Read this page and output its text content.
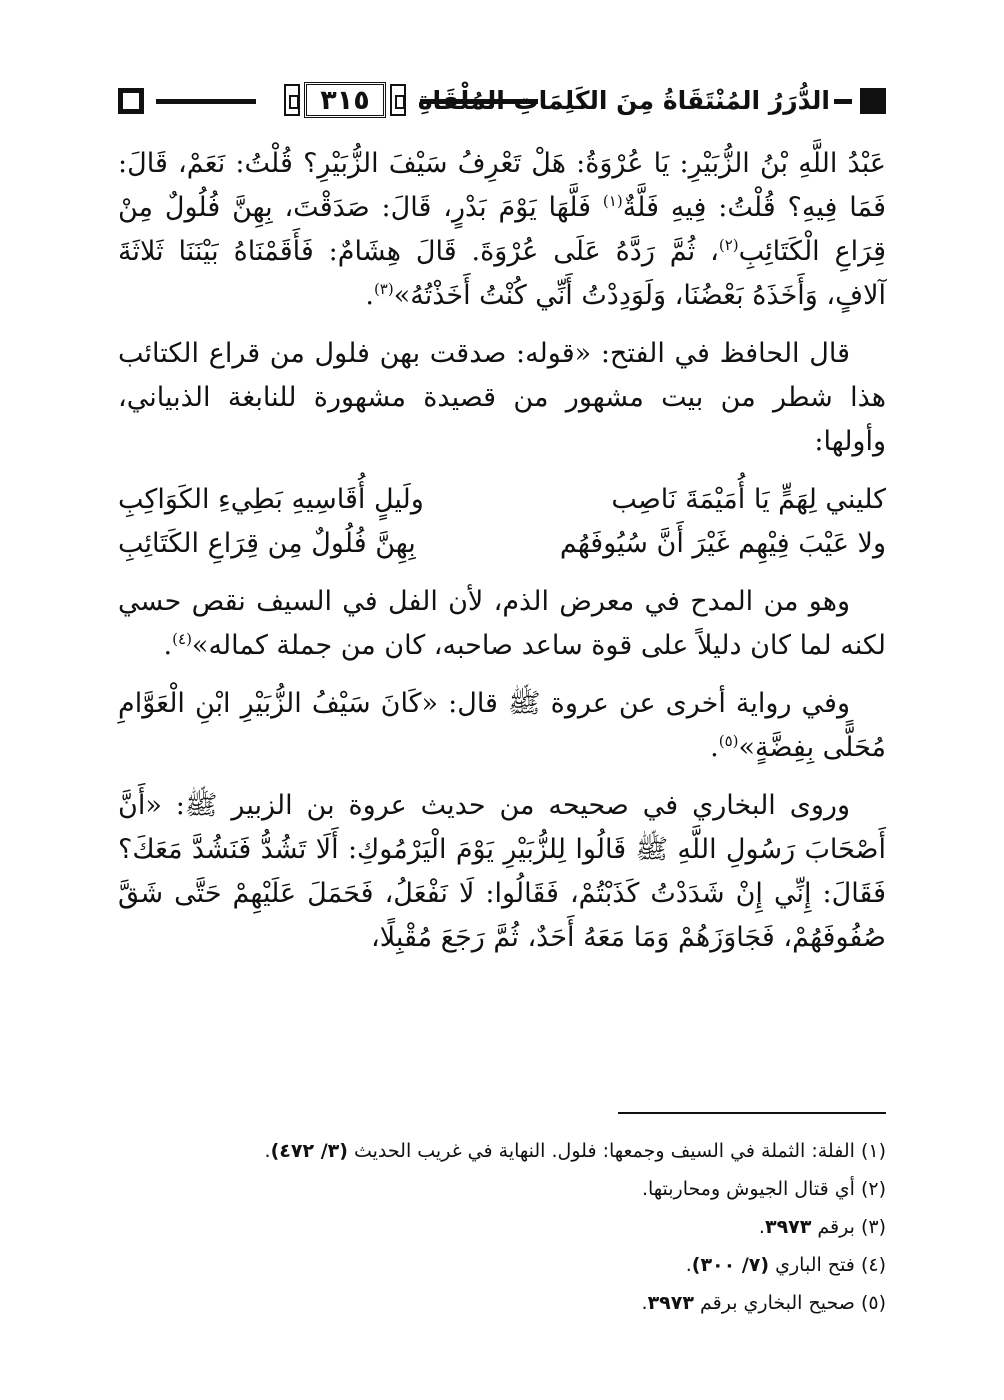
٣١٥	الدُّرَرُ المُنْتَقَاةُ مِنَ الكَلِمَاتِ المُلْقَاةِ

عَبْدُ اللَّهِ بْنُ الزُّبَيْرِ: يَا عُرْوَةُ: هَلْ تَعْرِفُ سَيْفَ الزُّبَيْرِ؟ قُلْتُ: نَعَمْ، قَالَ: فَمَا فِيهِ؟ قُلْتُ: فِيهِ فَلَّةٌ$^{(١)}$ فَلَّهَا يَوْمَ بَدْرٍ، قَالَ: صَدَقْتَ، بِهِنَّ فُلُولٌ مِنْ قِرَاعِ الْكَتَائِبِ$^{(٢)}$، ثُمَّ رَدَّهُ عَلَى عُرْوَةَ. قَالَ هِشَامٌ: فَأَقَمْنَاهُ بَيْنَنَا ثَلاثَةَ آلافٍ، وَأَخَذَهُ بَعْضُنَا، وَلَوَدِدْتُ أَنِّي كُنْتُ أَخَذْتُهُ»$^{(٣)}$.

قال الحافظ في الفتح: «قوله: صدقت بهن فلول من قراع الكتائب هذا شطر من بيت مشهور من قصيدة مشهورة للنابغة الذبياني، وأولها:

كليني لِهَمٍّ يَا أُمَيْمَةَ نَاصِب
ولَيلٍ أُقَاسِيهِ بَطِيءِ الكَوَاكِبِ
ولا عَيْبَ فِيْهِم غَيْرَ أَنَّ سُيُوفَهُم
بِهِنَّ فُلُولٌ مِن قِرَاعِ الكَتَائِبِ

وهو من المدح في معرض الذم، لأن الفل في السيف نقص حسي لكنه لما كان دليلاً على قوة ساعد صاحبه، كان من جملة كماله»$^{(٤)}$.

وفي رواية أخرى عن عروة ﷺ قال: «كَانَ سَيْفُ الزُّبَيْرِ ابْنِ الْعَوَّامِ مُحَلًّى بِفِضَّةٍ»$^{(٥)}$.

وروى البخاري في صحيحه من حديث عروة بن الزبير ﷺ: «أَنَّ أَصْحَابَ رَسُولِ اللَّهِ ﷺ قَالُوا لِلزُّبَيْرِ يَوْمَ الْيَرْمُوكِ: أَلَا تَشُدُّ فَنَشُدَّ مَعَكَ؟ فَقَالَ: إِنِّي إِنْ شَدَدْتُ كَذَبْتُمْ، فَقَالُوا: لَا نَفْعَلُ، فَحَمَلَ عَلَيْهِمْ حَتَّى شَقَّ صُفُوفَهُمْ، فَجَاوَزَهُمْ وَمَا مَعَهُ أَحَدٌ، ثُمَّ رَجَعَ مُقْبِلًا،

(١) الفلة: الثملة في السيف وجمعها: فلول. النهاية في غريب الحديث (٣/ ٤٧٢).
(٢) أي قتال الجيوش ومحاربتها.
(٣) برقم ٣٩٧٣.
(٤) فتح الباري (٧/ ٣٠٠).
(٥) صحيح البخاري برقم ٣٩٧٣.
